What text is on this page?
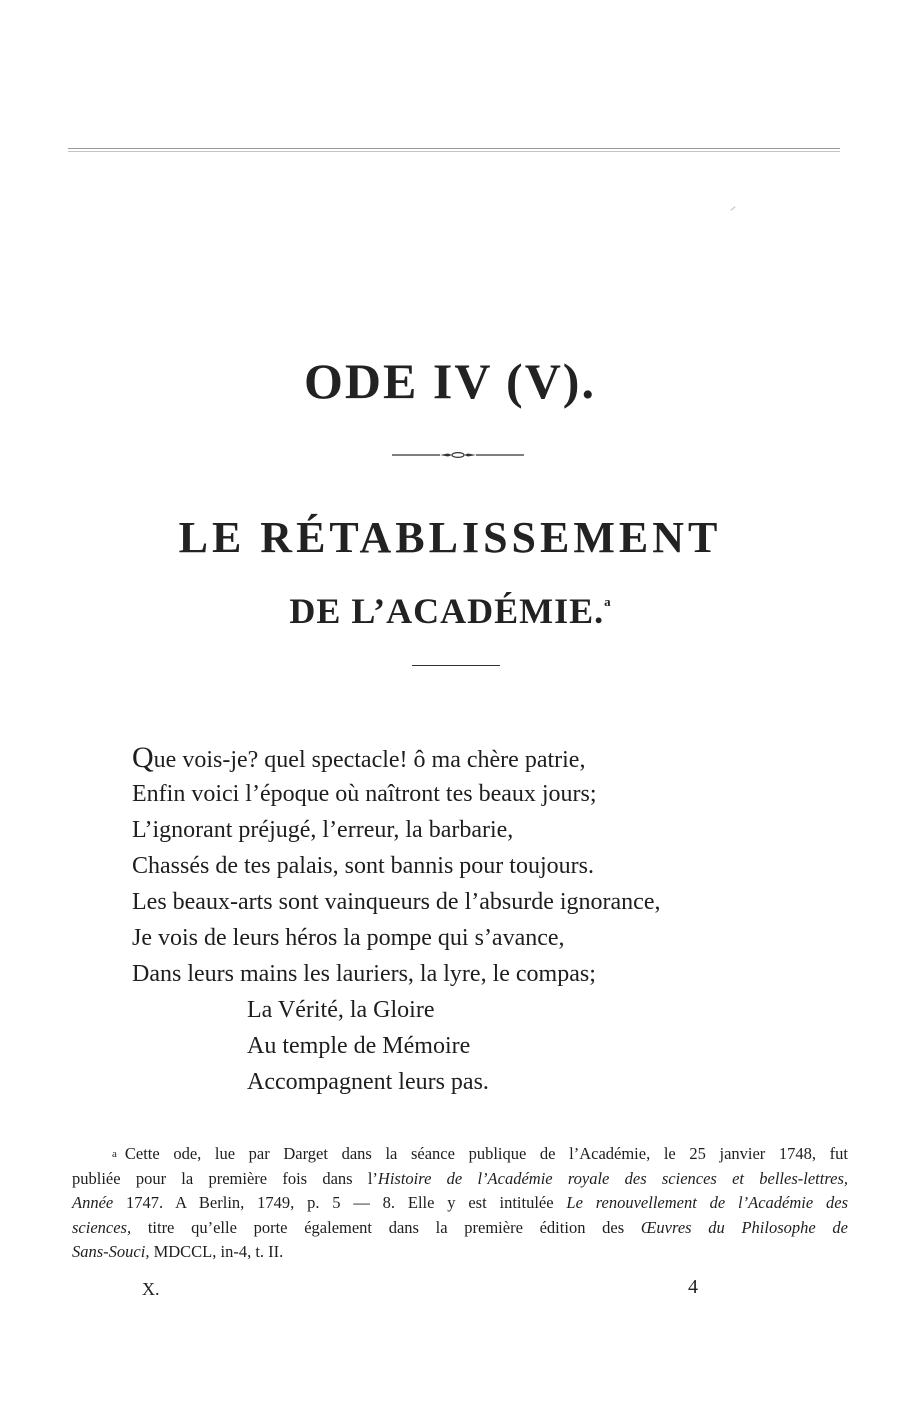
ODE IV (V).
LE RÉTABLISSEMENT
DE L’ACADÉMIE.$^a$
Que vois-je? quel spectacle! ô ma chère patrie,
Enfin voici l’époque où naîtront tes beaux jours;
L’ignorant préjugé, l’erreur, la barbarie,
Chassés de tes palais, sont bannis pour toujours.
Les beaux-arts sont vainqueurs de l’absurde ignorance,
Je vois de leurs héros la pompe qui s’avance,
Dans leurs mains les lauriers, la lyre, le compas;
La Vérité, la Gloire
Au temple de Mémoire
Accompagnent leurs pas.
a Cette ode, lue par Darget dans la séance publique de l’Académie, le 25 janvier 1748, fut
publiée pour la première fois dans l’Histoire de l’Académie royale des sciences et belles-lettres,
Année 1747. A Berlin, 1749, p. 5 — 8. Elle y est intitulée Le renouvellement de l’Académie des
sciences, titre qu’elle porte également dans la première édition des Œuvres du Philosophe de
Sans-Souci, MDCCL, in-4, t. II.
X.	4
